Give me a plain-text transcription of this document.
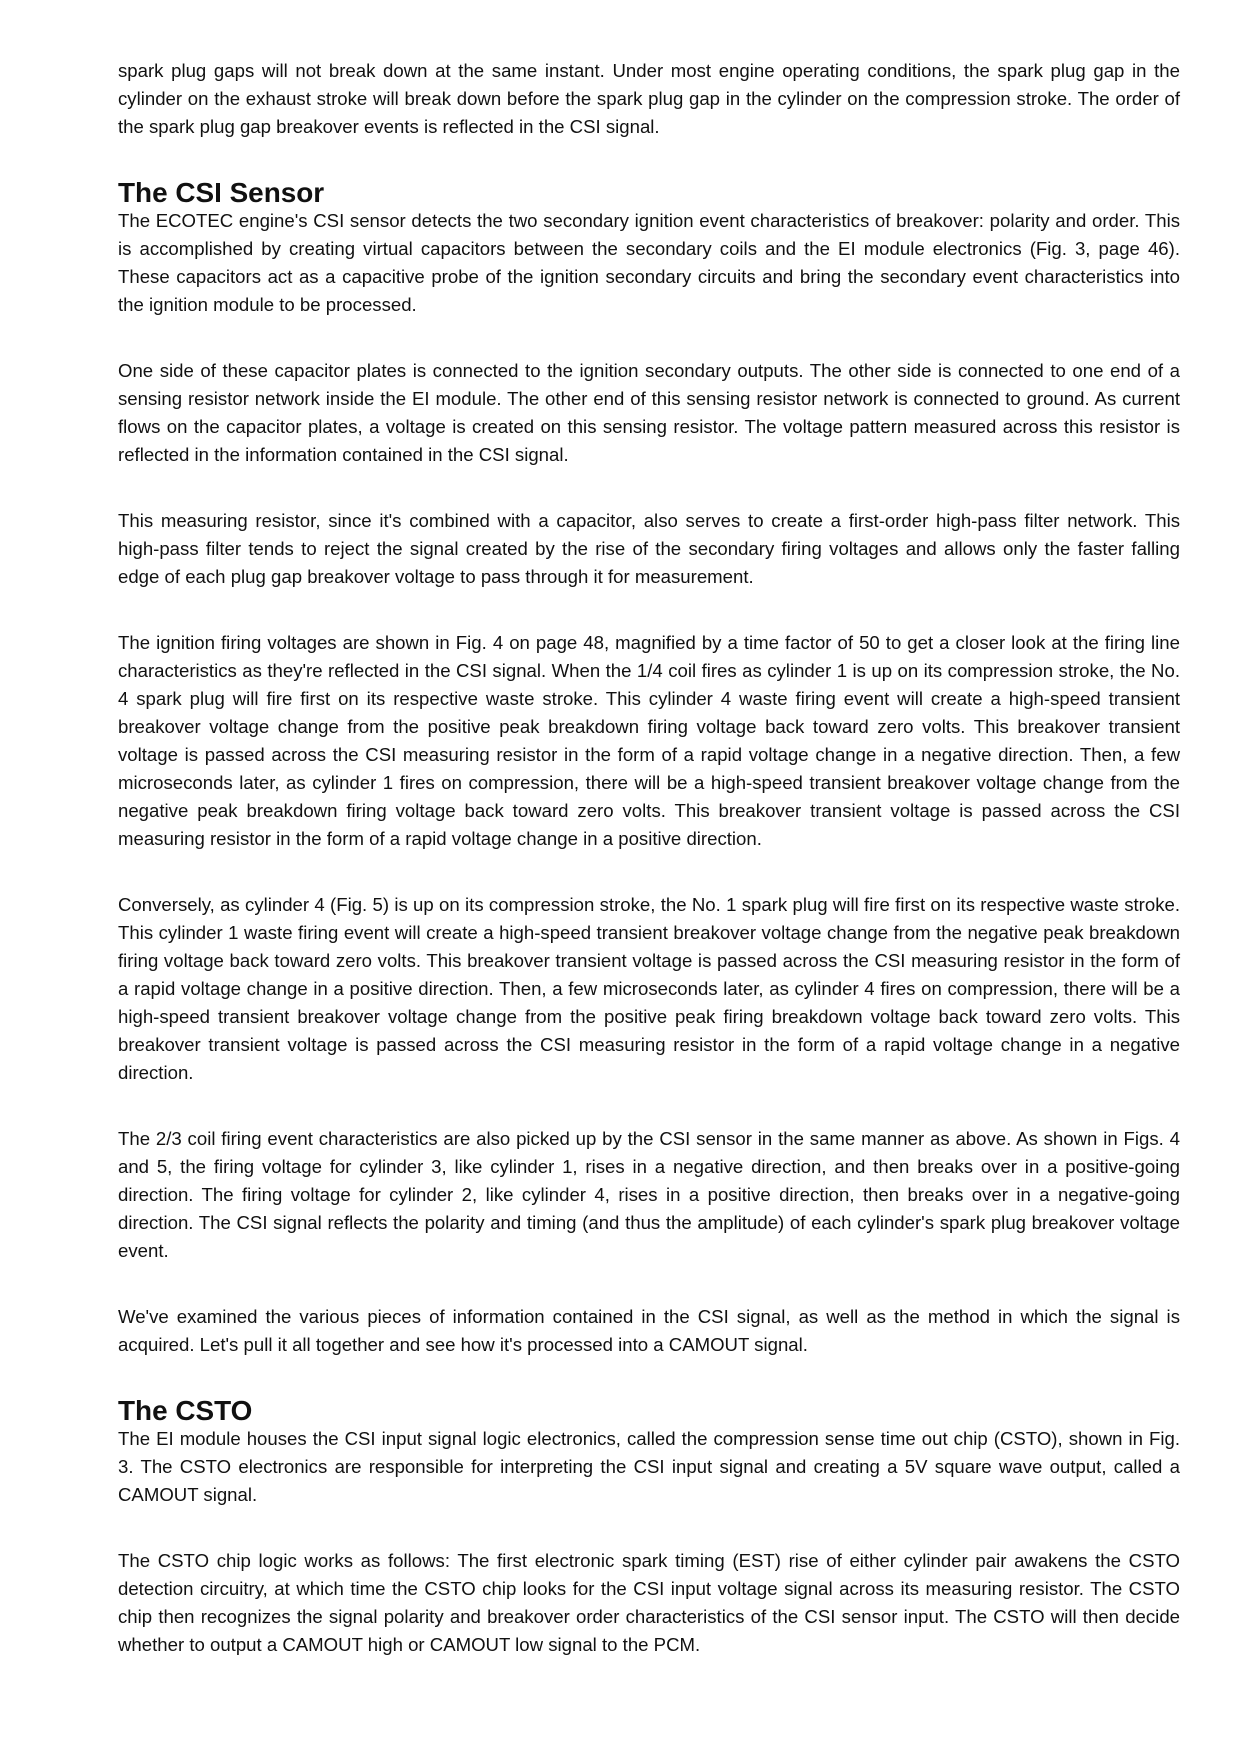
spark plug gaps will not break down at the same instant. Under most engine operating conditions, the spark plug gap in the cylinder on the exhaust stroke will break down before the spark plug gap in the cylinder on the compression stroke. The order of the spark plug gap breakover events is reflected in the CSI signal.

The CSI Sensor

The ECOTEC engine's CSI sensor detects the two secondary ignition event characteristics of breakover: polarity and order. This is accomplished by creating virtual capacitors between the secondary coils and the EI module electronics (Fig. 3, page 46). These capacitors act as a capacitive probe of the ignition secondary circuits and bring the secondary event characteristics into the ignition module to be processed.

One side of these capacitor plates is connected to the ignition secondary outputs. The other side is connected to one end of a sensing resistor network inside the EI module. The other end of this sensing resistor network is connected to ground. As current flows on the capacitor plates, a voltage is created on this sensing resistor. The voltage pattern measured across this resistor is reflected in the information contained in the CSI signal.

This measuring resistor, since it's combined with a capacitor, also serves to create a first-order high-pass filter network. This high-pass filter tends to reject the signal created by the rise of the secondary firing voltages and allows only the faster falling edge of each plug gap breakover voltage to pass through it for measurement.

The ignition firing voltages are shown in Fig. 4 on page 48, magnified by a time factor of 50 to get a closer look at the firing line characteristics as they're reflected in the CSI signal. When the 1/4 coil fires as cylinder 1 is up on its compression stroke, the No. 4 spark plug will fire first on its respective waste stroke. This cylinder 4 waste firing event will create a high-speed transient breakover voltage change from the positive peak breakdown firing voltage back toward zero volts. This breakover transient voltage is passed across the CSI measuring resistor in the form of a rapid voltage change in a negative direction. Then, a few microseconds later, as cylinder 1 fires on compression, there will be a high-speed transient breakover voltage change from the negative peak breakdown firing voltage back toward zero volts. This breakover transient voltage is passed across the CSI measuring resistor in the form of a rapid voltage change in a positive direction.

Conversely, as cylinder 4 (Fig. 5) is up on its compression stroke, the No. 1 spark plug will fire first on its respective waste stroke. This cylinder 1 waste firing event will create a high-speed transient breakover voltage change from the negative peak breakdown firing voltage back toward zero volts. This breakover transient voltage is passed across the CSI measuring resistor in the form of a rapid voltage change in a positive direction. Then, a few microseconds later, as cylinder 4 fires on compression, there will be a high-speed transient breakover voltage change from the positive peak firing breakdown voltage back toward zero volts. This breakover transient voltage is passed across the CSI measuring resistor in the form of a rapid voltage change in a negative direction.

The 2/3 coil firing event characteristics are also picked up by the CSI sensor in the same manner as above. As shown in Figs. 4 and 5, the firing voltage for cylinder 3, like cylinder 1, rises in a negative direction, and then breaks over in a positive-going direction. The firing voltage for cylinder 2, like cylinder 4, rises in a positive direction, then breaks over in a negative-going direction. The CSI signal reflects the polarity and timing (and thus the amplitude) of each cylinder's spark plug breakover voltage event.

We've examined the various pieces of information contained in the CSI signal, as well as the method in which the signal is acquired. Let's pull it all together and see how it's processed into a CAMOUT signal.

The CSTO

The EI module houses the CSI input signal logic electronics, called the compression sense time out chip (CSTO), shown in Fig. 3. The CSTO electronics are responsible for interpreting the CSI input signal and creating a 5V square wave output, called a CAMOUT signal.

The CSTO chip logic works as follows: The first electronic spark timing (EST) rise of either cylinder pair awakens the CSTO detection circuitry, at which time the CSTO chip looks for the CSI input voltage signal across its measuring resistor. The CSTO chip then recognizes the signal polarity and breakover order characteristics of the CSI sensor input. The CSTO will then decide whether to output a CAMOUT high or CAMOUT low signal to the PCM.
